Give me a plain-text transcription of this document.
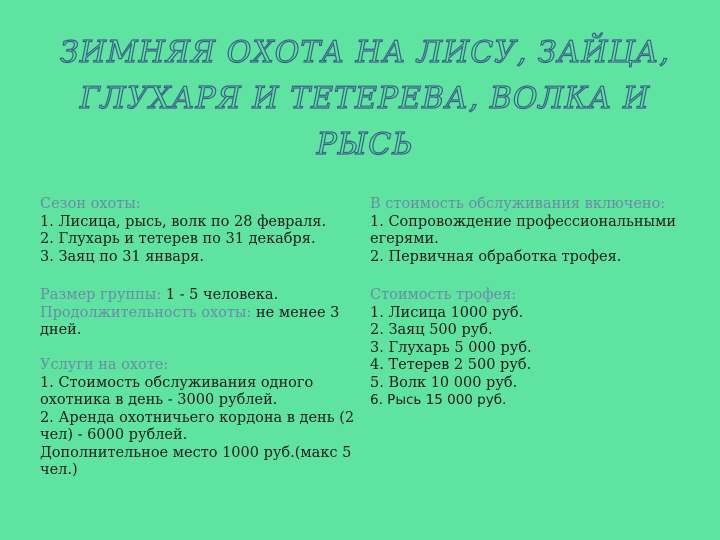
ЗИМНЯЯ ОХОТА НА ЛИСУ, ЗАЙЦА,
ГЛУХАРЯ И ТЕТЕРЕВА, ВОЛКА И
РЫСЬ
Сезон охоты:
1. Лисица, рысь, волк по 28 февраля.
2. Глухарь и тетерев по 31 декабря.
3. Заяц по 31 января.
Размер группы: 1 - 5 человека.
Продолжительность охоты: не менее 3
дней.
Услуги на охоте:
1. Стоимость обслуживания одного
охотника в день - 3000 рублей.
2. Аренда охотничьего кордона в день (2
чел) - 6000 рублей.
Дополнительное место 1000 руб.(макс 5
чел.)
В стоимость обслуживания включено:
1. Сопровождение профессиональными
егерями.
2. Первичная обработка трофея.
Стоимость трофея:
1. Лисица 1000 руб.
2. Заяц 500 руб.
3. Глухарь 5 000 руб.
4. Тетерев 2 500 руб.
5. Волк 10 000 руб.
6. Рысь 15 000 руб.
